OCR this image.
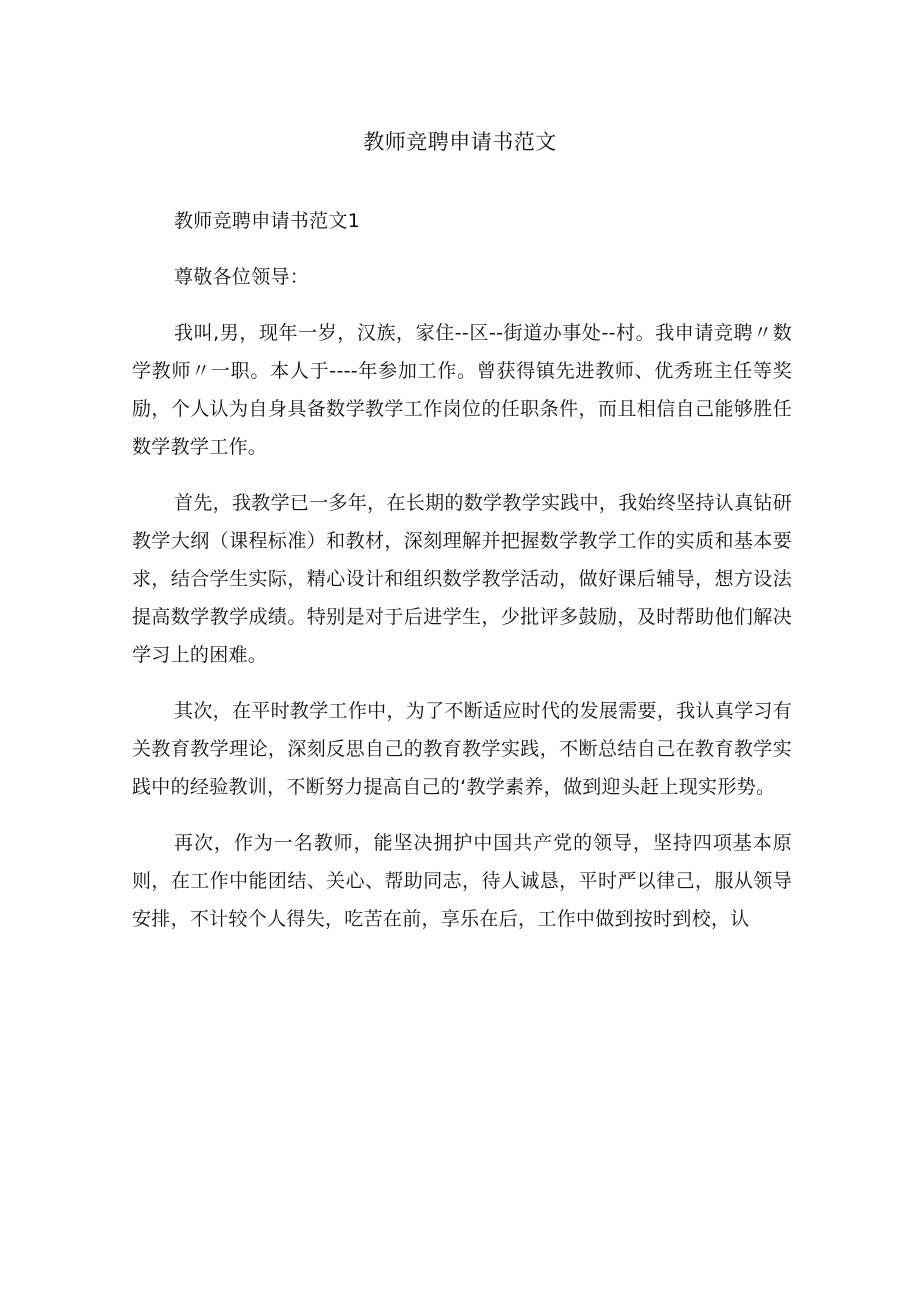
教师竞聘申请书范文

教师竞聘申请书范文1

尊敬各位领导：

我叫,男，现年一岁，汉族，家住--区--街道办事处--村。我申请竞聘〃数学教师〃一职。本人于----年参加工作。曾获得镇先进教师、优秀班主任等奖励，个人认为自身具备数学教学工作岗位的任职条件，而且相信自己能够胜任数学教学工作。

首先，我教学已一多年，在长期的数学教学实践中，我始终坚持认真钻研教学大纲（课程标准）和教材，深刻理解并把握数学教学工作的实质和基本要求，结合学生实际，精心设计和组织数学教学活动，做好课后辅导，想方设法提高数学教学成绩。特别是对于后进学生，少批评多鼓励，及时帮助他们解决学习上的困难。

其次，在平时教学工作中，为了不断适应时代的发展需要，我认真学习有关教育教学理论，深刻反思自己的教育教学实践，不断总结自己在教育教学实践中的经验教训，不断努力提高自己的‘教学素养，做到迎头赶上现实形势。

再次，作为一名教师，能坚决拥护中国共产党的领导，坚持四项基本原则，在工作中能团结、关心、帮助同志，待人诚恳，平时严以律己，服从领导安排，不计较个人得失，吃苦在前，享乐在后，工作中做到按时到校，认
